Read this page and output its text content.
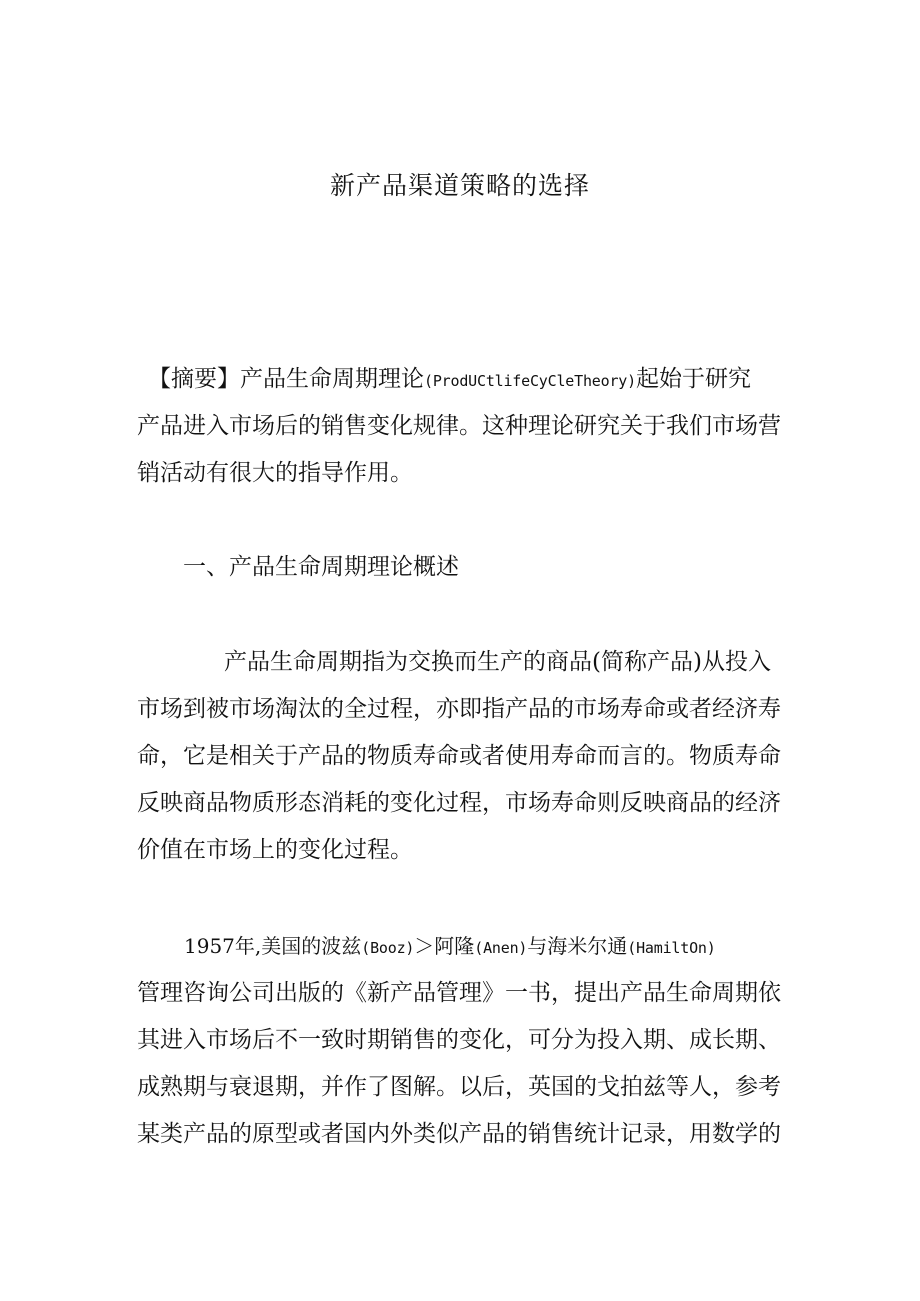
新产品渠道策略的选择
【摘要】产品生命周期理论(ProdUCtlifeCyCleTheory)起始于研究
产品进入市场后的销售变化规律。这种理论研究关于我们市场营
销活动有很大的指导作用。
一、产品生命周期理论概述
产品生命周期指为交换而生产的商品(简称产品)从投入
市场到被市场淘汰的全过程，亦即指产品的市场寿命或者经济寿
命，它是相关于产品的物质寿命或者使用寿命而言的。物质寿命
反映商品物质形态消耗的变化过程，市场寿命则反映商品的经济
价值在市场上的变化过程。
1957年,美国的波兹(Booz)＞阿隆(Anen)与海米尔通(HamiltOn)
管理咨询公司出版的《新产品管理》一书，提出产品生命周期依
其进入市场后不一致时期销售的变化，可分为投入期、成长期、
成熟期与衰退期，并作了图解。以后，英国的戈拍兹等人，参考
某类产品的原型或者国内外类似产品的销售统计记录，用数学的
